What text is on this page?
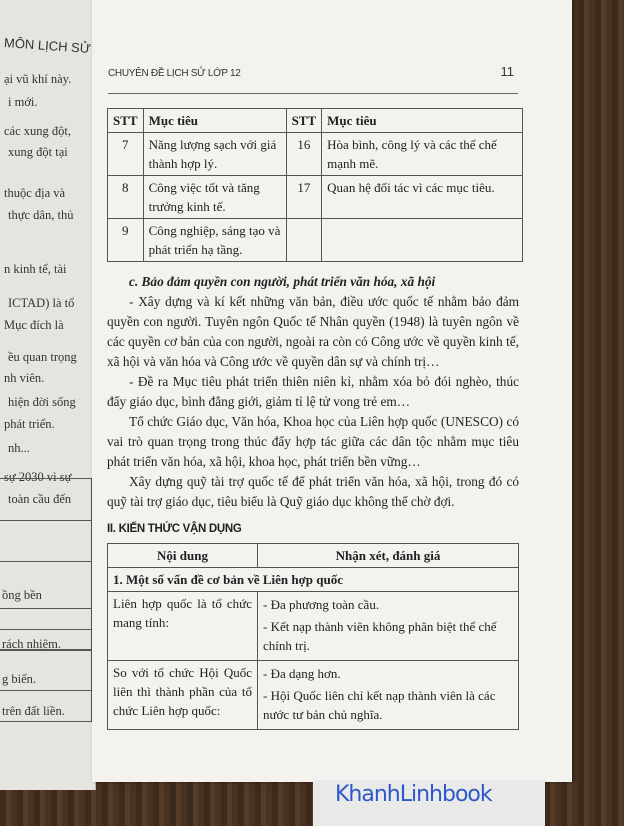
MÔN LỊCH SỬ
ại vũ khí này.
i mới.
các xung đột,
xung đột tại
thuộc địa và
thực dân, thủ
n kinh tế, tài
ICTAD) là tổ
Mục đích là
ều quan trọng
nh viên.
hiện đời sống
phát triển.
nh...
sự 2030 vì sự
toàn cầu đến
ồng bền
rách nhiệm.
g biển.
trên đất liền.
CHUYÊN ĐỀ LỊCH SỬ LỚP 12	11
STT	Mục tiêu	STT	Mục tiêu
7	Năng lượng sạch với giá thành hợp lý.	16	Hòa bình, công lý và các thể chế mạnh mẽ.
8	Công việc tốt và tăng trưởng kinh tế.	17	Quan hệ đối tác vì các mục tiêu.
9	Công nghiệp, sáng tạo và phát triển hạ tầng.		

c. Bảo đảm quyền con người, phát triển văn hóa, xã hội

- Xây dựng và kí kết những văn bản, điều ước quốc tế nhằm bảo đảm quyền con người. Tuyên ngôn Quốc tế Nhân quyền (1948) là tuyên ngôn về các quyền cơ bản của con người, ngoài ra còn có Công ước về quyền kinh tế, xã hội và văn hóa và Công ước về quyền dân sự và chính trị…

- Đề ra Mục tiêu phát triển thiên niên kỉ, nhằm xóa bỏ đói nghèo, thúc đẩy giáo dục, bình đẳng giới, giảm tỉ lệ tử vong trẻ em…

Tổ chức Giáo dục, Văn hóa, Khoa học của Liên hợp quốc (UNESCO) có vai trò quan trọng trong thúc đẩy hợp tác giữa các dân tộc nhằm mục tiêu phát triển văn hóa, xã hội, khoa học, phát triển bền vững…

Xây dựng quỹ tài trợ quốc tế để phát triển văn hóa, xã hội, trong đó có quỹ tài trợ giáo dục, tiêu biểu là Quỹ giáo dục không thể chờ đợi.

II. KIẾN THỨC VẬN DỤNG
Nội dung	Nhận xét, đánh giá
1. Một số vấn đề cơ bản về Liên hợp quốc	
Liên hợp quốc là tổ chức mang tính:	- Đa phương toàn cầu.
- Kết nạp thành viên không phân biệt thể chế chính trị.

So với tổ chức Hội Quốc liên thì thành phần của tổ chức Liên hợp quốc:	- Đa dạng hơn.
- Hội Quốc liên chỉ kết nạp thành viên là các nước tư bản chủ nghĩa.
KhanhLinhbook
